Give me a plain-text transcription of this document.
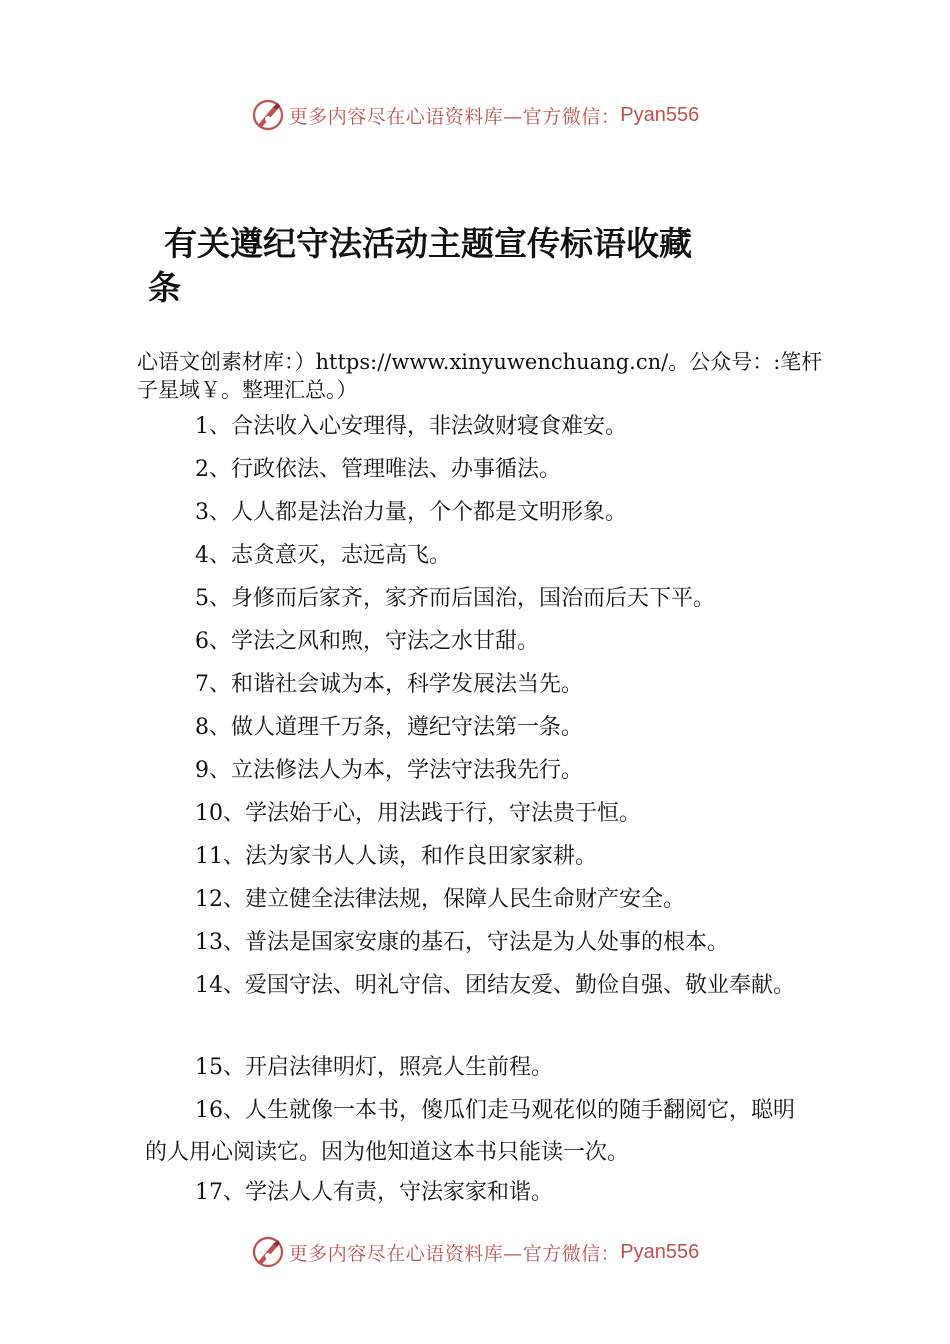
更多内容尽在心语资料库—官方微信： Pyan556
有关遵纪守法活动主题宣传标语收藏
条

心语文创素材库：）https://www.xinyuwenchuang.cn/。公众号：:笔杆子星域￥。整理汇总。）

1、合法收入心安理得，非法敛财寝食难安。
2、行政依法、管理唯法、办事循法。
3、人人都是法治力量，个个都是文明形象。
4、志贪意灭，志远高飞。
5、身修而后家齐，家齐而后国治，国治而后天下平。
6、学法之风和煦，守法之水甘甜。
7、和谐社会诚为本，科学发展法当先。
8、做人道理千万条，遵纪守法第一条。
9、立法修法人为本，学法守法我先行。
10、学法始于心，用法践于行，守法贵于恒。
11、法为家书人人读，和作良田家家耕。
12、建立健全法律法规，保障人民生命财产安全。
13、普法是国家安康的基石，守法是为人处事的根本。
14、爱国守法、明礼守信、团结友爱、勤俭自强、敬业奉献。
15、开启法律明灯，照亮人生前程。
16、人生就像一本书，傻瓜们走马观花似的随手翻阅它，聪明的人用心阅读它。因为他知道这本书只能读一次。
17、学法人人有责，守法家家和谐。
更多内容尽在心语资料库—官方微信： Pyan556
